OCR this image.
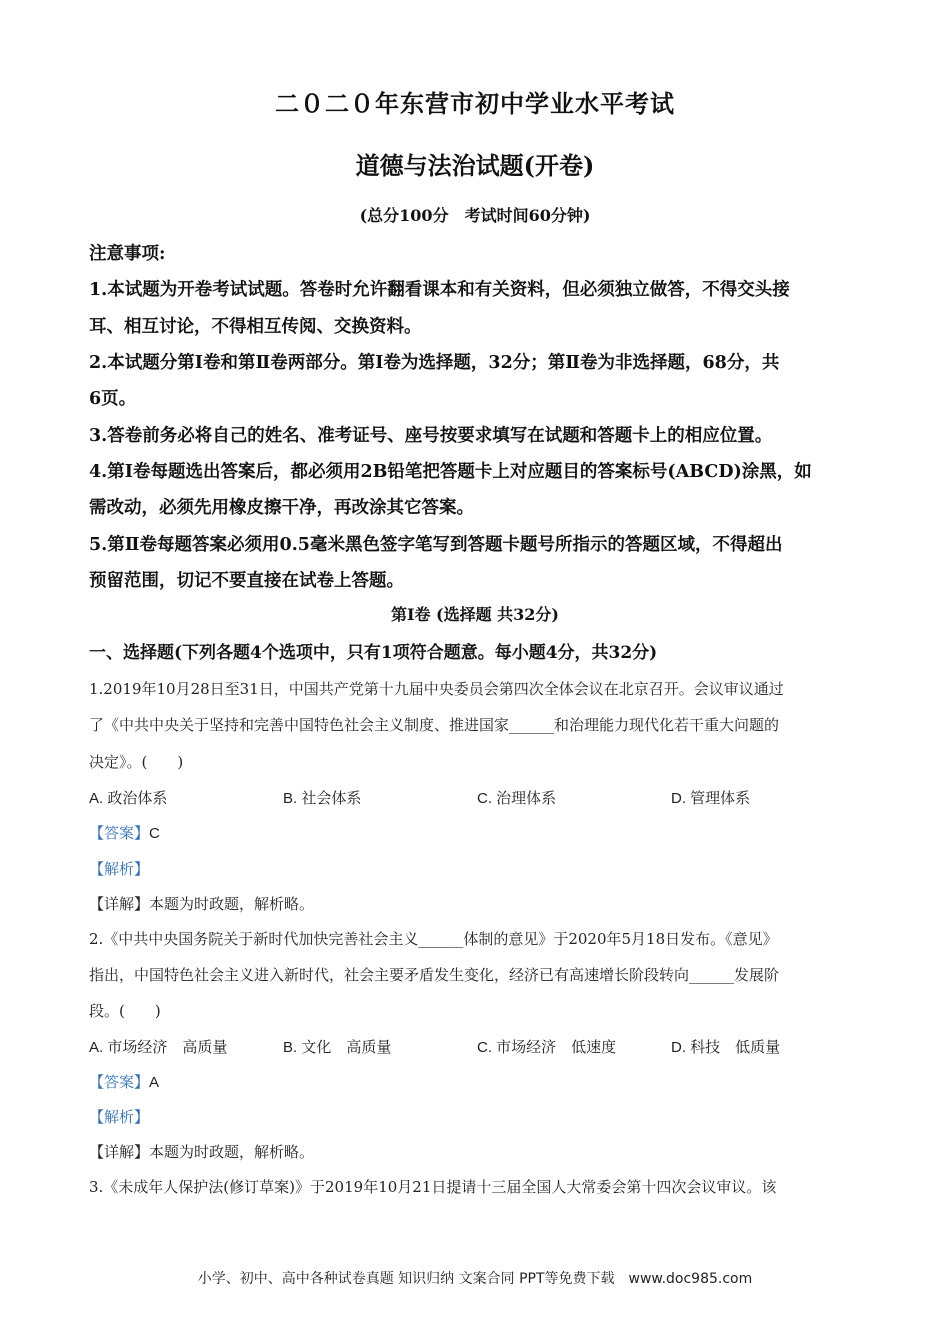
二０二０年东营市初中学业水平考试
道德与法治试题(开卷)
(总分100分　考试时间60分钟)
注意事项:
1.本试题为开卷考试试题。答卷时允许翻看课本和有关资料，但必须独立做答，不得交头接
耳、相互讨论，不得相互传阅、交换资料。
2.本试题分第Ⅰ卷和第Ⅱ卷两部分。第Ⅰ卷为选择题，32分；第Ⅱ卷为非选择题，68分，共
6页。
3.答卷前务必将自己的姓名、准考证号、座号按要求填写在试题和答题卡上的相应位置。
4.第Ⅰ卷每题选出答案后，都必须用2B铅笔把答题卡上对应题目的答案标号(ABCD)涂黑，如
需改动，必须先用橡皮擦干净，再改涂其它答案。
5.第Ⅱ卷每题答案必须用0.5毫米黑色签字笔写到答题卡题号所指示的答题区域，不得超出
预留范围，切记不要直接在试卷上答题。
第Ⅰ卷 (选择题 共32分)
一、选择题(下列各题4个选项中，只有1项符合题意。每小题4分，共32分)
1.2019年10月28日至31日，中国共产党第十九届中央委员会第四次全体会议在北京召开。会议审议通过
了《中共中央关于坚持和完善中国特色社会主义制度、推进国家______和治理能力现代化若干重大问题的
决定》。(　　)
A. 政治体系	B. 社会体系	C. 治理体系	D. 管理体系
【答案】C
【解析】
【详解】本题为时政题，解析略。
2.《中共中央国务院关于新时代加快完善社会主义______体制的意见》于2020年5月18日发布。《意见》
指出，中国特色社会主义进入新时代，社会主要矛盾发生变化，经济已有高速增长阶段转向______发展阶
段。(　　)
A. 市场经济　高质量	B. 文化　高质量	C. 市场经济　低速度	D. 科技　低质量
【答案】A
【解析】
【详解】本题为时政题，解析略。
3.《未成年人保护法(修订草案)》于2019年10月21日提请十三届全国人大常委会第十四次会议审议。该
小学、初中、高中各种试卷真题 知识归纳 文案合同 PPT等免费下载　www.doc985.com
